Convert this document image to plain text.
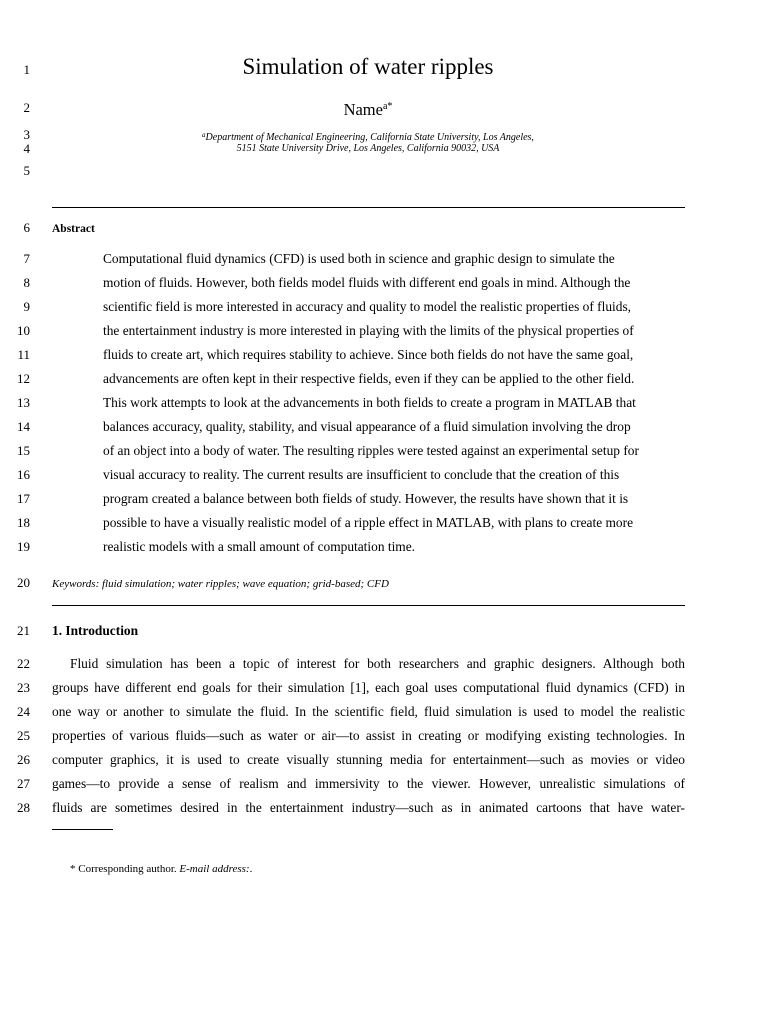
1
2
3
4
5
6
7
8
9
10
11
12
13
14
15
16
17
18
19
20
21
22
23
24
25
26
27
28
Simulation of water ripples
Name$^{a*}$
$^a$Department of Mechanical Engineering, California State University, Los Angeles,
5151 State University Drive, Los Angeles, California 90032, USA
Abstract
Computational fluid dynamics (CFD) is used both in science and graphic design to simulate the
motion of fluids. However, both fields model fluids with different end goals in mind. Although the
scientific field is more interested in accuracy and quality to model the realistic properties of fluids,
the entertainment industry is more interested in playing with the limits of the physical properties of
fluids to create art, which requires stability to achieve. Since both fields do not have the same goal,
advancements are often kept in their respective fields, even if they can be applied to the other field.
This work attempts to look at the advancements in both fields to create a program in MATLAB that
balances accuracy, quality, stability, and visual appearance of a fluid simulation involving the drop
of an object into a body of water. The resulting ripples were tested against an experimental setup for
visual accuracy to reality. The current results are insufficient to conclude that the creation of this
program created a balance between both fields of study. However, the results have shown that it is
possible to have a visually realistic model of a ripple effect in MATLAB, with plans to create more
realistic models with a small amount of computation time.
Keywords: fluid simulation; water ripples; wave equation; grid-based; CFD
1. Introduction
Fluid simulation has been a topic of interest for both researchers and graphic designers. Although both
groups have different end goals for their simulation [1], each goal uses computational fluid dynamics (CFD) in
one way or another to simulate the fluid. In the scientific field, fluid simulation is used to model the realistic
properties of various fluids—such as water or air—to assist in creating or modifying existing technologies. In
computer graphics, it is used to create visually stunning media for entertainment—such as movies or video
games—to provide a sense of realism and immersivity to the viewer. However, unrealistic simulations of
fluids are sometimes desired in the entertainment industry—such as in animated cartoons that have water-
* Corresponding author. E-mail address:.
